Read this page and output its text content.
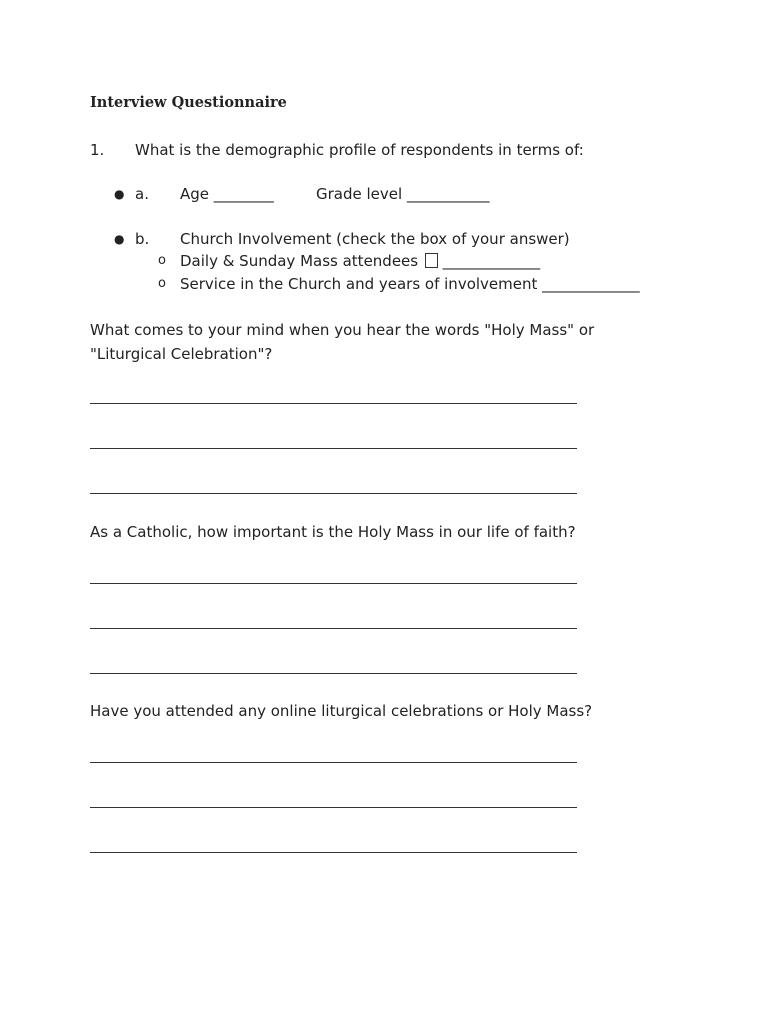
Interview Questionnaire
1. What is the demographic profile of respondents in terms of:
● a. Age ________	Grade level ___________
● b. Church Involvement (check the box of your answer)
o Daily & Sunday Mass attendees _____________
o Service in the Church and years of involvement _____________
What comes to your mind when you hear the words "Holy Mass" or "Liturgical Celebration"?
As a Catholic, how important is the Holy Mass in our life of faith?
Have you attended any online liturgical celebrations or Holy Mass?
